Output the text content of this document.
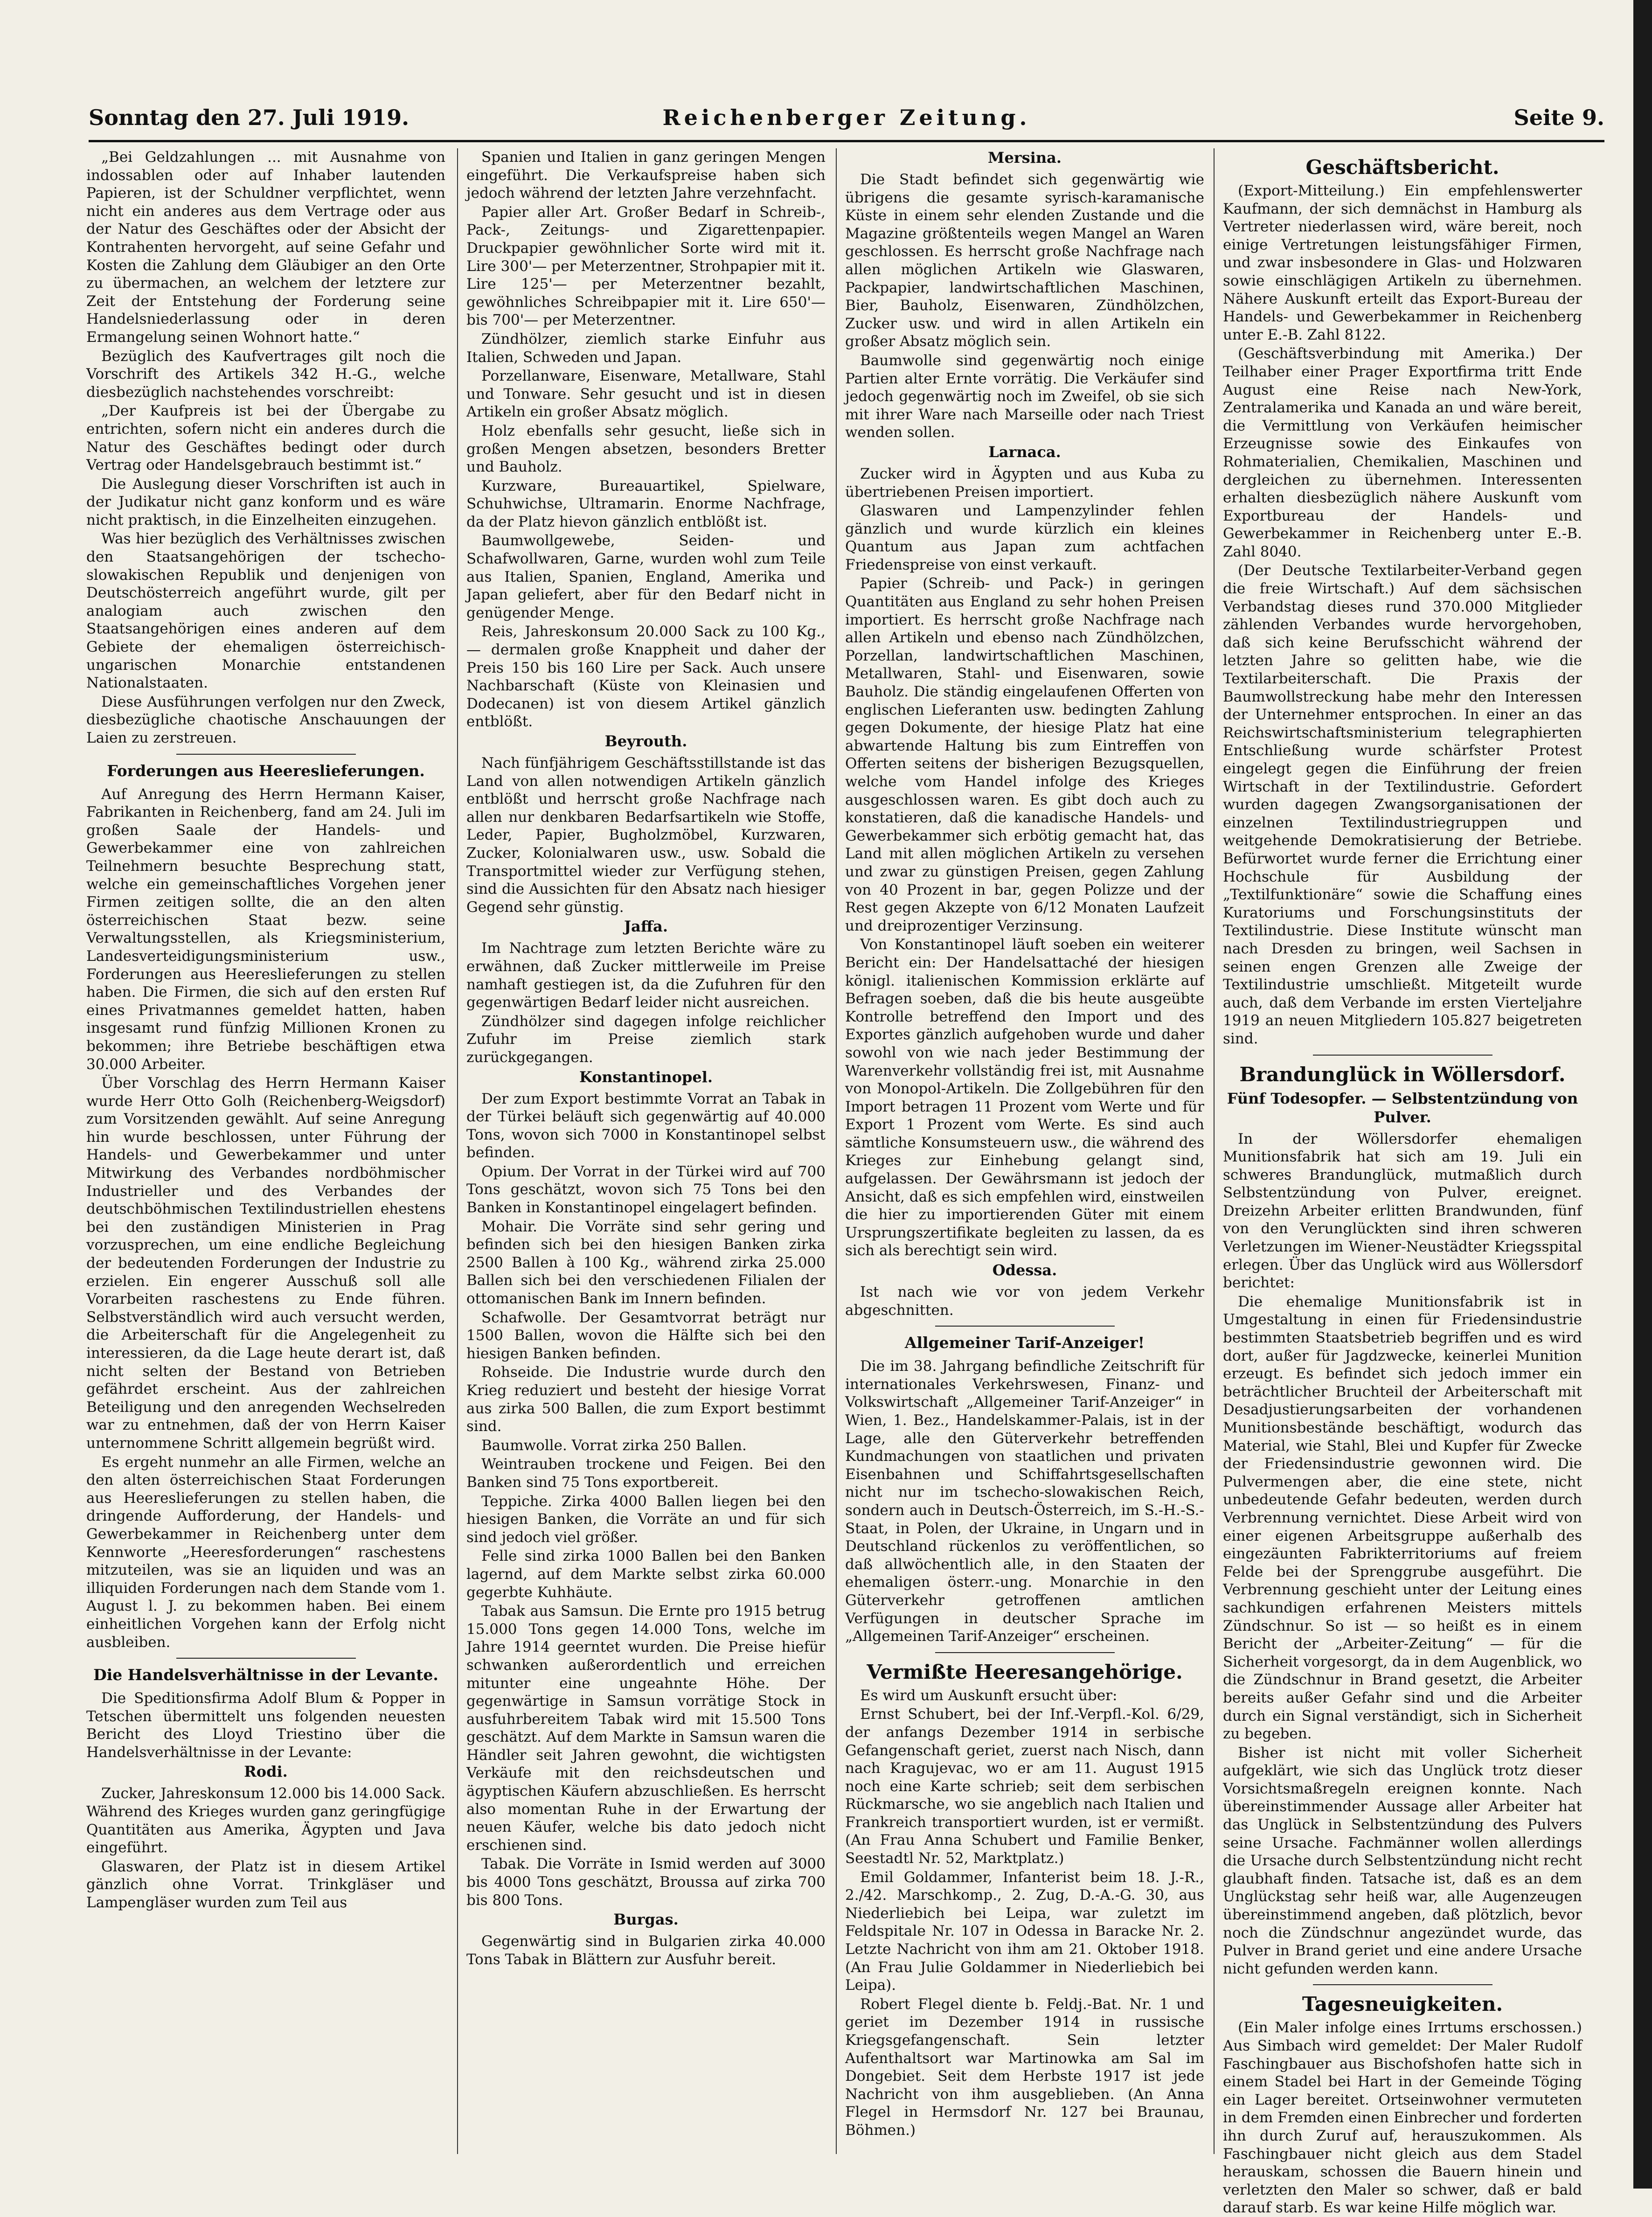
Reichenberger Zeitung.
Sonntag den 27. Juli 1919.	Seite 9.

„Bei Geldzahlungen ... mit Ausnahme von indossablen oder auf Inhaber lautenden Papieren, ist der Schuldner verpflichtet, wenn nicht ein anderes aus dem Vertrage oder aus der Natur des Geschäftes oder der Absicht der Kontrahenten hervorgeht, auf seine Gefahr und Kosten die Zahlung dem Gläubiger an den Orte zu übermachen, an welchem der letztere zur Zeit der Entstehung der Forderung seine Handelsniederlassung oder in deren Ermangelung seinen Wohnort hatte.“

Bezüglich des Kaufvertrages gilt noch die Vorschrift des Artikels 342 H.-G., welche diesbezüglich nachstehendes vorschreibt:

„Der Kaufpreis ist bei der Übergabe zu entrichten, sofern nicht ein anderes durch die Natur des Geschäftes bedingt oder durch Vertrag oder Handelsgebrauch bestimmt ist.“

Die Auslegung dieser Vorschriften ist auch in der Judikatur nicht ganz konform und es wäre nicht praktisch, in die Einzelheiten einzugehen.

Was hier bezüglich des Verhältnisses zwischen den Staatsangehörigen der tschecho-slowakischen Republik und denjenigen von Deutschösterreich angeführt wurde, gilt per analogiam auch zwischen den Staatsangehörigen eines anderen auf dem Gebiete der ehemaligen österreichisch-ungarischen Monarchie entstandenen Nationalstaaten.

Diese Ausführungen verfolgen nur den Zweck, diesbezügliche chaotische Anschauungen der Laien zu zerstreuen.

Forderungen aus Heereslieferungen.

Auf Anregung des Herrn Hermann Kaiser, Fabrikanten in Reichenberg, fand am 24. Juli im großen Saale der Handels- und Gewerbekammer eine von zahlreichen Teilnehmern besuchte Besprechung statt, welche ein gemeinschaftliches Vorgehen jener Firmen zeitigen sollte, die an den alten österreichischen Staat bezw. seine Verwaltungsstellen, als Kriegsministerium, Landesverteidigungsministerium usw., Forderungen aus Heereslieferungen zu stellen haben. Die Firmen, die sich auf den ersten Ruf eines Privatmannes gemeldet hatten, haben insgesamt rund fünfzig Millionen Kronen zu bekommen; ihre Betriebe beschäftigen etwa 30.000 Arbeiter.

Über Vorschlag des Herrn Hermann Kaiser wurde Herr Otto Golh (Reichenberg-Weigsdorf) zum Vorsitzenden gewählt. Auf seine Anregung hin wurde beschlossen, unter Führung der Handels- und Gewerbekammer und unter Mitwirkung des Verbandes nordböhmischer Industrieller und des Verbandes der deutschböhmischen Textilindustriellen ehestens bei den zuständigen Ministerien in Prag vorzusprechen, um eine endliche Begleichung der bedeutenden Forderungen der Industrie zu erzielen. Ein engerer Ausschuß soll alle Vorarbeiten raschestens zu Ende führen. Selbstverständlich wird auch versucht werden, die Arbeiterschaft für die Angelegenheit zu interessieren, da die Lage heute derart ist, daß nicht selten der Bestand von Betrieben gefährdet erscheint. Aus der zahlreichen Beteiligung und den anregenden Wechselreden war zu entnehmen, daß der von Herrn Kaiser unternommene Schritt allgemein begrüßt wird.

Es ergeht nunmehr an alle Firmen, welche an den alten österreichischen Staat Forderungen aus Heereslieferungen zu stellen haben, die dringende Aufforderung, der Handels- und Gewerbekammer in Reichenberg unter dem Kennworte „Heeresforderungen“ raschestens mitzuteilen, was sie an liquiden und was an illiquiden Forderungen nach dem Stande vom 1. August l. J. zu bekommen haben. Bei einem einheitlichen Vorgehen kann der Erfolg nicht ausbleiben.

Die Handelsverhältnisse in der Levante.

Die Speditionsfirma Adolf Blum & Popper in Tetschen übermittelt uns folgenden neuesten Bericht des Lloyd Triestino über die Handelsverhältnisse in der Levante:

Rodi.

Zucker, Jahreskonsum 12.000 bis 14.000 Sack. Während des Krieges wurden ganz geringfügige Quantitäten aus Amerika, Ägypten und Java eingeführt.

Glaswaren, der Platz ist in diesem Artikel gänzlich ohne Vorrat. Trinkgläser und Lampengläser wurden zum Teil aus

Spanien und Italien in ganz geringen Mengen eingeführt. Die Verkaufspreise haben sich jedoch während der letzten Jahre verzehnfacht.

Papier aller Art. Großer Bedarf in Schreib-, Pack-, Zeitungs- und Zigarettenpapier. Druckpapier gewöhnlicher Sorte wird mit it. Lire 300'— per Meterzentner, Strohpapier mit it. Lire 125'— per Meterzentner bezahlt, gewöhnliches Schreibpapier mit it. Lire 650'— bis 700'— per Meterzentner.

Zündhölzer, ziemlich starke Einfuhr aus Italien, Schweden und Japan.

Porzellanware, Eisenware, Metallware, Stahl und Tonware. Sehr gesucht und ist in diesen Artikeln ein großer Absatz möglich.

Holz ebenfalls sehr gesucht, ließe sich in großen Mengen absetzen, besonders Bretter und Bauholz.

Kurzware, Bureauartikel, Spielware, Schuhwichse, Ultramarin. Enorme Nachfrage, da der Platz hievon gänzlich entblößt ist.

Baumwollgewebe, Seiden- und Schafwollwaren, Garne, wurden wohl zum Teile aus Italien, Spanien, England, Amerika und Japan geliefert, aber für den Bedarf nicht in genügender Menge.

Reis, Jahreskonsum 20.000 Sack zu 100 Kg., — dermalen große Knappheit und daher der Preis 150 bis 160 Lire per Sack. Auch unsere Nachbarschaft (Küste von Kleinasien und Dodecanen) ist von diesem Artikel gänzlich entblößt.

Beyrouth.

Nach fünfjährigem Geschäftsstillstande ist das Land von allen notwendigen Artikeln gänzlich entblößt und herrscht große Nachfrage nach allen nur denkbaren Bedarfsartikeln wie Stoffe, Leder, Papier, Bugholzmöbel, Kurzwaren, Zucker, Kolonialwaren usw., usw. Sobald die Transportmittel wieder zur Verfügung stehen, sind die Aussichten für den Absatz nach hiesiger Gegend sehr günstig.

Jaffa.

Im Nachtrage zum letzten Berichte wäre zu erwähnen, daß Zucker mittlerweile im Preise namhaft gestiegen ist, da die Zufuhren für den gegenwärtigen Bedarf leider nicht ausreichen.

Zündhölzer sind dagegen infolge reichlicher Zufuhr im Preise ziemlich stark zurückgegangen.

Konstantinopel.

Der zum Export bestimmte Vorrat an Tabak in der Türkei beläuft sich gegenwärtig auf 40.000 Tons, wovon sich 7000 in Konstantinopel selbst befinden.

Opium. Der Vorrat in der Türkei wird auf 700 Tons geschätzt, wovon sich 75 Tons bei den Banken in Konstantinopel eingelagert befinden.

Mohair. Die Vorräte sind sehr gering und befinden sich bei den hiesigen Banken zirka 2500 Ballen à 100 Kg., während zirka 25.000 Ballen sich bei den verschiedenen Filialen der ottomanischen Bank im Innern befinden.

Schafwolle. Der Gesamtvorrat beträgt nur 1500 Ballen, wovon die Hälfte sich bei den hiesigen Banken befinden.

Rohseide. Die Industrie wurde durch den Krieg reduziert und besteht der hiesige Vorrat aus zirka 500 Ballen, die zum Export bestimmt sind.

Baumwolle. Vorrat zirka 250 Ballen.

Weintrauben trockene und Feigen. Bei den Banken sind 75 Tons exportbereit.

Teppiche. Zirka 4000 Ballen liegen bei den hiesigen Banken, die Vorräte an und für sich sind jedoch viel größer.

Felle sind zirka 1000 Ballen bei den Banken lagernd, auf dem Markte selbst zirka 60.000 gegerbte Kuhhäute.

Tabak aus Samsun. Die Ernte pro 1915 betrug 15.000 Tons gegen 14.000 Tons, welche im Jahre 1914 geerntet wurden. Die Preise hiefür schwanken außerordentlich und erreichen mitunter eine ungeahnte Höhe. Der gegenwärtige in Samsun vorrätige Stock in ausfuhrbereitem Tabak wird mit 15.500 Tons geschätzt. Auf dem Markte in Samsun waren die Händler seit Jahren gewohnt, die wichtigsten Verkäufe mit den reichsdeutschen und ägyptischen Käufern abzuschließen. Es herrscht also momentan Ruhe in der Erwartung der neuen Käufer, welche bis dato jedoch nicht erschienen sind.

Tabak. Die Vorräte in Ismid werden auf 3000 bis 4000 Tons geschätzt, Broussa auf zirka 700 bis 800 Tons.

Burgas.

Gegenwärtig sind in Bulgarien zirka 40.000 Tons Tabak in Blättern zur Ausfuhr bereit.

Mersina.

Die Stadt befindet sich gegenwärtig wie übrigens die gesamte syrisch-karamanische Küste in einem sehr elenden Zustande und die Magazine größtenteils wegen Mangel an Waren geschlossen. Es herrscht große Nachfrage nach allen möglichen Artikeln wie Glaswaren, Packpapier, landwirtschaftlichen Maschinen, Bier, Bauholz, Eisenwaren, Zündhölzchen, Zucker usw. und wird in allen Artikeln ein großer Absatz möglich sein.

Baumwolle sind gegenwärtig noch einige Partien alter Ernte vorrätig. Die Verkäufer sind jedoch gegenwärtig noch im Zweifel, ob sie sich mit ihrer Ware nach Marseille oder nach Triest wenden sollen.

Larnaca.

Zucker wird in Ägypten und aus Kuba zu übertriebenen Preisen importiert.

Glaswaren und Lampenzylinder fehlen gänzlich und wurde kürzlich ein kleines Quantum aus Japan zum achtfachen Friedenspreise von einst verkauft.

Papier (Schreib- und Pack-) in geringen Quantitäten aus England zu sehr hohen Preisen importiert. Es herrscht große Nachfrage nach allen Artikeln und ebenso nach Zündhölzchen, Porzellan, landwirtschaftlichen Maschinen, Metallwaren, Stahl- und Eisenwaren, sowie Bauholz. Die ständig eingelaufenen Offerten von englischen Lieferanten usw. bedingten Zahlung gegen Dokumente, der hiesige Platz hat eine abwartende Haltung bis zum Eintreffen von Offerten seitens der bisherigen Bezugsquellen, welche vom Handel infolge des Krieges ausgeschlossen waren. Es gibt doch auch zu konstatieren, daß die kanadische Handels- und Gewerbekammer sich erbötig gemacht hat, das Land mit allen möglichen Artikeln zu versehen und zwar zu günstigen Preisen, gegen Zahlung von 40 Prozent in bar, gegen Polizze und der Rest gegen Akzepte von 6/12 Monaten Laufzeit und dreiprozentiger Verzinsung.

Von Konstantinopel läuft soeben ein weiterer Bericht ein: Der Handelsattaché der hiesigen königl. italienischen Kommission erklärte auf Befragen soeben, daß die bis heute ausgeübte Kontrolle betreffend den Import und des Exportes gänzlich aufgehoben wurde und daher sowohl von wie nach jeder Bestimmung der Warenverkehr vollständig frei ist, mit Ausnahme von Monopol-Artikeln. Die Zollgebühren für den Import betragen 11 Prozent vom Werte und für Export 1 Prozent vom Werte. Es sind auch sämtliche Konsumsteuern usw., die während des Krieges zur Einhebung gelangt sind, aufgelassen. Der Gewährsmann ist jedoch der Ansicht, daß es sich empfehlen wird, einstweilen die hier zu importierenden Güter mit einem Ursprungszertifikate begleiten zu lassen, da es sich als berechtigt sein wird.

Odessa.

Ist nach wie vor von jedem Verkehr abgeschnitten.

Allgemeiner Tarif-Anzeiger!

Die im 38. Jahrgang befindliche Zeitschrift für internationales Verkehrswesen, Finanz- und Volkswirtschaft „Allgemeiner Tarif-Anzeiger“ in Wien, 1. Bez., Handelskammer-Palais, ist in der Lage, alle den Güterverkehr betreffenden Kundmachungen von staatlichen und privaten Eisenbahnen und Schiffahrtsgesellschaften nicht nur im tschecho-slowakischen Reich, sondern auch in Deutsch-Österreich, im S.-H.-S.-Staat, in Polen, der Ukraine, in Ungarn und in Deutschland rückenlos zu veröffentlichen, so daß allwöchentlich alle, in den Staaten der ehemaligen österr.-ung. Monarchie in den Güterverkehr getroffenen amtlichen Verfügungen in deutscher Sprache im „Allgemeinen Tarif-Anzeiger“ erscheinen.

Vermißte Heeresangehörige.

Es wird um Auskunft ersucht über:

Ernst Schubert, bei der Inf.-Verpfl.-Kol. 6/29, der anfangs Dezember 1914 in serbische Gefangenschaft geriet, zuerst nach Nisch, dann nach Kragujevac, wo er am 11. August 1915 noch eine Karte schrieb; seit dem serbischen Rückmarsche, wo sie angeblich nach Italien und Frankreich transportiert wurden, ist er vermißt. (An Frau Anna Schubert und Familie Benker, Seestadtl Nr. 52, Marktplatz.)

Emil Goldammer, Infanterist beim 18. J.-R., 2./42. Marschkomp., 2. Zug, D.-A.-G. 30, aus Niederliebich bei Leipa, war zuletzt im Feldspitale Nr. 107 in Odessa in Baracke Nr. 2. Letzte Nachricht von ihm am 21. Oktober 1918. (An Frau Julie Goldammer in Niederliebich bei Leipa).

Robert Flegel diente b. Feldj.-Bat. Nr. 1 und geriet im Dezember 1914 in russische Kriegsgefangenschaft. Sein letzter Aufenthaltsort war Martinowka am Sal im Dongebiet. Seit dem Herbste 1917 ist jede Nachricht von ihm ausgeblieben. (An Anna Flegel in Hermsdorf Nr. 127 bei Braunau, Böhmen.)

Geschäftsbericht.

(Export-Mitteilung.) Ein empfehlenswerter Kaufmann, der sich demnächst in Hamburg als Vertreter niederlassen wird, wäre bereit, noch einige Vertretungen leistungsfähiger Firmen, und zwar insbesondere in Glas- und Holzwaren sowie einschlägigen Artikeln zu übernehmen. Nähere Auskunft erteilt das Export-Bureau der Handels- und Gewerbekammer in Reichenberg unter E.-B. Zahl 8122.

(Geschäftsverbindung mit Amerika.) Der Teilhaber einer Prager Exportfirma tritt Ende August eine Reise nach New-York, Zentralamerika und Kanada an und wäre bereit, die Vermittlung von Verkäufen heimischer Erzeugnisse sowie des Einkaufes von Rohmaterialien, Chemikalien, Maschinen und dergleichen zu übernehmen. Interessenten erhalten diesbezüglich nähere Auskunft vom Exportbureau der Handels- und Gewerbekammer in Reichenberg unter E.-B. Zahl 8040.

(Der Deutsche Textilarbeiter-Verband gegen die freie Wirtschaft.) Auf dem sächsischen Verbandstag dieses rund 370.000 Mitglieder zählenden Verbandes wurde hervorgehoben, daß sich keine Berufsschicht während der letzten Jahre so gelitten habe, wie die Textilarbeiterschaft. Die Praxis der Baumwollstreckung habe mehr den Interessen der Unternehmer entsprochen. In einer an das Reichswirtschaftsministerium telegraphierten Entschließung wurde schärfster Protest eingelegt gegen die Einführung der freien Wirtschaft in der Textilindustrie. Gefordert wurden dagegen Zwangsorganisationen der einzelnen Textilindustriegruppen und weitgehende Demokratisierung der Betriebe. Befürwortet wurde ferner die Errichtung einer Hochschule für Ausbildung der „Textilfunktionäre“ sowie die Schaffung eines Kuratoriums und Forschungsinstituts der Textilindustrie. Diese Institute wünscht man nach Dresden zu bringen, weil Sachsen in seinen engen Grenzen alle Zweige der Textilindustrie umschließt. Mitgeteilt wurde auch, daß dem Verbande im ersten Vierteljahre 1919 an neuen Mitgliedern 105.827 beigetreten sind.

Brandunglück in Wöllersdorf.
Fünf Todesopfer. — Selbstentzündung von Pulver.

In der Wöllersdorfer ehemaligen Munitionsfabrik hat sich am 19. Juli ein schweres Brandunglück, mutmaßlich durch Selbstentzündung von Pulver, ereignet. Dreizehn Arbeiter erlitten Brandwunden, fünf von den Verunglückten sind ihren schweren Verletzungen im Wiener-Neustädter Kriegsspital erlegen. Über das Unglück wird aus Wöllersdorf berichtet:

Die ehemalige Munitionsfabrik ist in Umgestaltung in einen für Friedensindustrie bestimmten Staatsbetrieb begriffen und es wird dort, außer für Jagdzwecke, keinerlei Munition erzeugt. Es befindet sich jedoch immer ein beträchtlicher Bruchteil der Arbeiterschaft mit Desadjustierungsarbeiten der vorhandenen Munitionsbestände beschäftigt, wodurch das Material, wie Stahl, Blei und Kupfer für Zwecke der Friedensindustrie gewonnen wird. Die Pulvermengen aber, die eine stete, nicht unbedeutende Gefahr bedeuten, werden durch Verbrennung vernichtet. Diese Arbeit wird von einer eigenen Arbeitsgruppe außerhalb des eingezäunten Fabrikterritoriums auf freiem Felde bei der Sprenggrube ausgeführt. Die Verbrennung geschieht unter der Leitung eines sachkundigen erfahrenen Meisters mittels Zündschnur. So ist — so heißt es in einem Bericht der „Arbeiter-Zeitung“ — für die Sicherheit vorgesorgt, da in dem Augenblick, wo die Zündschnur in Brand gesetzt, die Arbeiter bereits außer Gefahr sind und die Arbeiter durch ein Signal verständigt, sich in Sicherheit zu begeben.

Bisher ist nicht mit voller Sicherheit aufgeklärt, wie sich das Unglück trotz dieser Vorsichtsmaßregeln ereignen konnte. Nach übereinstimmender Aussage aller Arbeiter hat das Unglück in Selbstentzündung des Pulvers seine Ursache. Fachmänner wollen allerdings die Ursache durch Selbstentzündung nicht recht glaubhaft finden. Tatsache ist, daß es an dem Unglückstag sehr heiß war, alle Augenzeugen übereinstimmend angeben, daß plötzlich, bevor noch die Zündschnur angezündet wurde, das Pulver in Brand geriet und eine andere Ursache nicht gefunden werden kann.

Tagesneuigkeiten.

(Ein Maler infolge eines Irrtums erschossen.) Aus Simbach wird gemeldet: Der Maler Rudolf Faschingbauer aus Bischofshofen hatte sich in einem Stadel bei Hart in der Gemeinde Töging ein Lager bereitet. Ortseinwohner vermuteten in dem Fremden einen Einbrecher und forderten ihn durch Zuruf auf, herauszukommen. Als Faschingbauer nicht gleich aus dem Stadel herauskam, schossen die Bauern hinein und verletzten den Maler so schwer, daß er bald darauf starb. Es war keine Hilfe möglich war.
